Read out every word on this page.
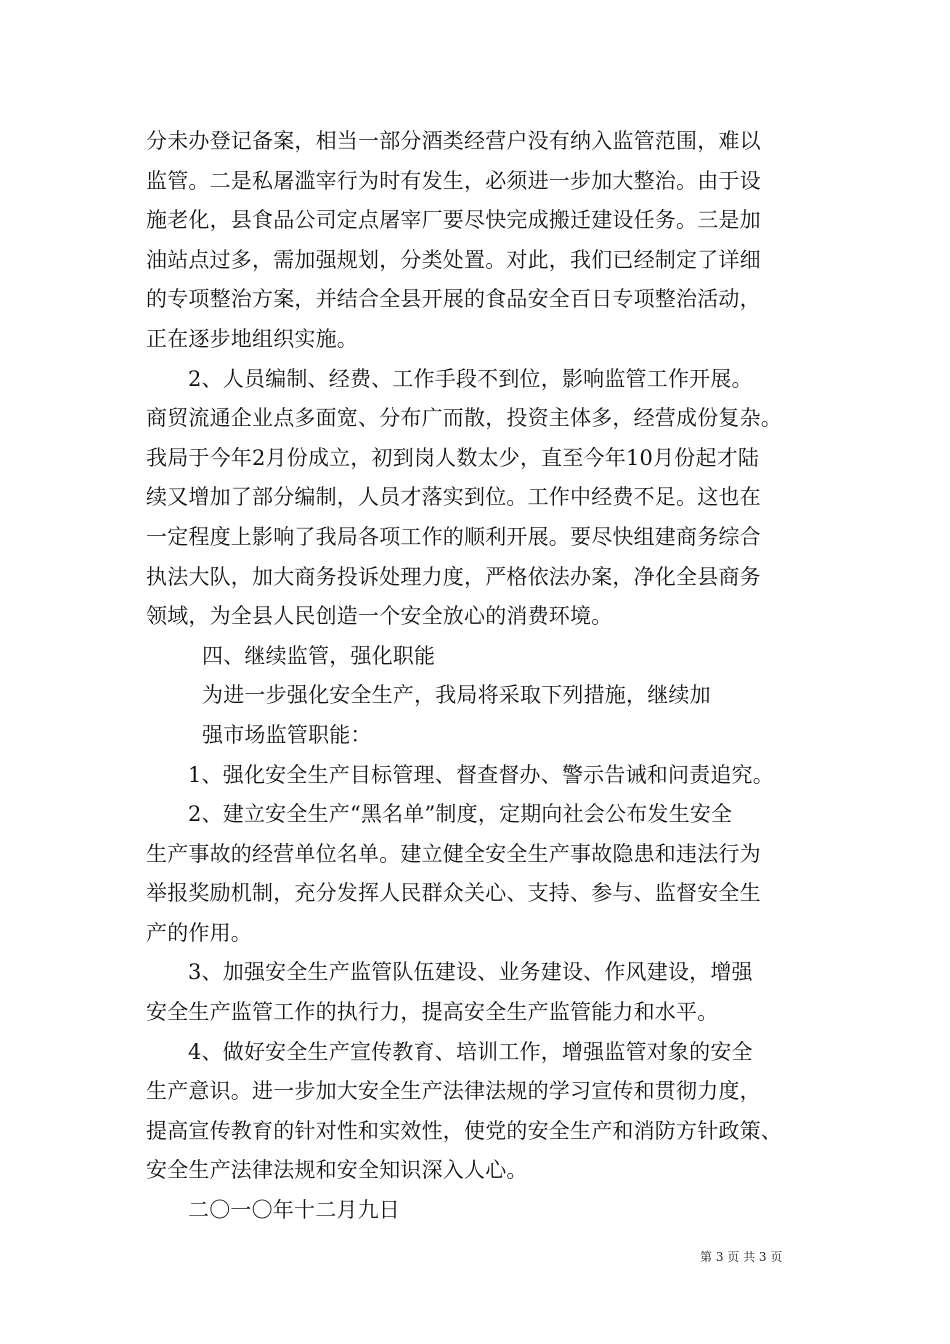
分未办登记备案，相当一部分酒类经营户没有纳入监管范围，难以
监管。二是私屠滥宰行为时有发生，必须进一步加大整治。由于设
施老化，县食品公司定点屠宰厂要尽快完成搬迁建设任务。三是加
油站点过多，需加强规划，分类处置。对此，我们已经制定了详细
的专项整治方案，并结合全县开展的食品安全百日专项整治活动，
正在逐步地组织实施。
2、人员编制、经费、工作手段不到位，影响监管工作开展。
商贸流通企业点多面宽、分布广而散，投资主体多，经营成份复杂。
我局于今年2月份成立，初到岗人数太少，直至今年10月份起才陆
续又增加了部分编制，人员才落实到位。工作中经费不足。这也在
一定程度上影响了我局各项工作的顺利开展。要尽快组建商务综合
执法大队，加大商务投诉处理力度，严格依法办案，净化全县商务
领域，为全县人民创造一个安全放心的消费环境。
四、继续监管，强化职能
为进一步强化安全生产，我局将采取下列措施，继续加
强市场监管职能：
1、强化安全生产目标管理、督查督办、警示告诫和问责追究。
2、建立安全生产“黑名单”制度，定期向社会公布发生安全
生产事故的经营单位名单。建立健全安全生产事故隐患和违法行为
举报奖励机制，充分发挥人民群众关心、支持、参与、监督安全生
产的作用。
3、加强安全生产监管队伍建设、业务建设、作风建设，增强
安全生产监管工作的执行力，提高安全生产监管能力和水平。
4、做好安全生产宣传教育、培训工作，增强监管对象的安全
生产意识。进一步加大安全生产法律法规的学习宣传和贯彻力度，
提高宣传教育的针对性和实效性，使党的安全生产和消防方针政策、
安全生产法律法规和安全知识深入人心。
二〇一〇年十二月九日
第 3 页 共 3 页
